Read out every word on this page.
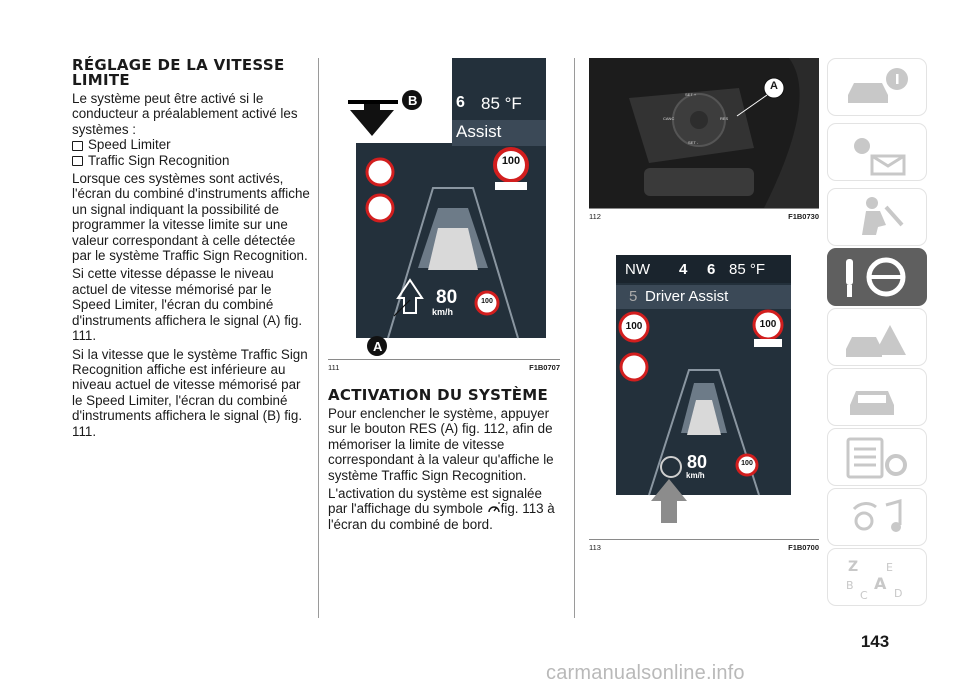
RÉGLAGE DE LA VITESSE LIMITE

Le système peut être activé si le conducteur a préalablement activé les systèmes :

Speed Limiter
Traffic Sign Recognition

Lorsque ces systèmes sont activés, l'écran du combiné d'instruments affiche un signal indiquant la possibilité de programmer la vitesse limite sur une valeur correspondant à celle détectée par le système Traffic Sign Recognition.

Si cette vitesse dépasse le niveau actuel de vitesse mémorisé par le Speed Limiter, l'écran du combiné d'instruments affichera le signal (A) fig. 111.

Si la vitesse que le système Traffic Sign Recognition affiche est inférieure au niveau actuel de vitesse mémorisé par le Speed Limiter, l'écran du combiné d'instruments affichera le signal (B) fig. 111.

B
A
6 85 °F
Assist
100
80
km/h
100
111	F1B0707
ACTIVATION DU SYSTÈME

Pour enclencher le système, appuyer sur le bouton RES (A) fig. 112, afin de mémoriser la limite de vitesse correspondant à la valeur qu'affiche le système Traffic Sign Recognition.

L'activation du système est signalée par l'affichage du symbole fig. 113 à l'écran du combiné de bord.

A
SET +
CANC	RES
SET -
112	F1B0730
NW 4 6 85 °F
5 Driver Assist
100	100
80
km/h
100
113	F1B0700
Z	E
B A
D
C
143
carmanualsonline.info
